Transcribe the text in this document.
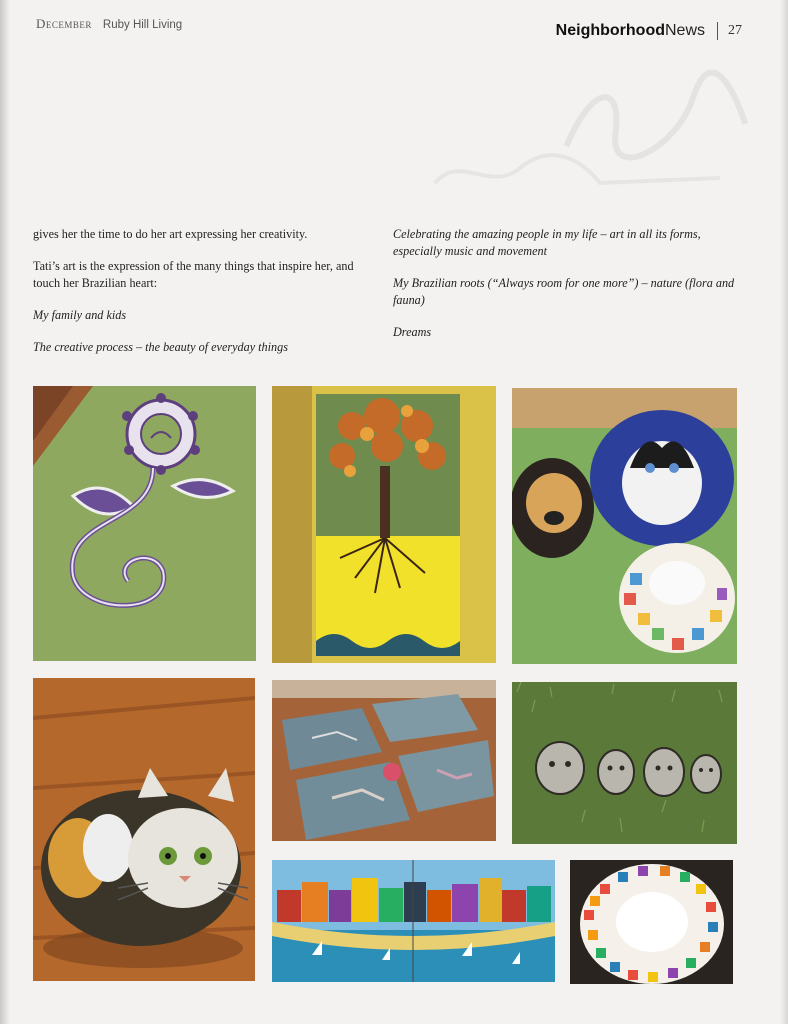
December Ruby Hill Living	Neighborhood News 27

gives her the time to do her art expressing her creativity.

Tati’s art is the expression of the many things that inspire her, and touch her Brazilian heart:

My family and kids

The creative process – the beauty of everyday things

Celebrating the amazing people in my life – art in all its forms, especially music and movement

My Brazilian roots (“Always room for one more”) – nature (flora and fauna)

Dreams
